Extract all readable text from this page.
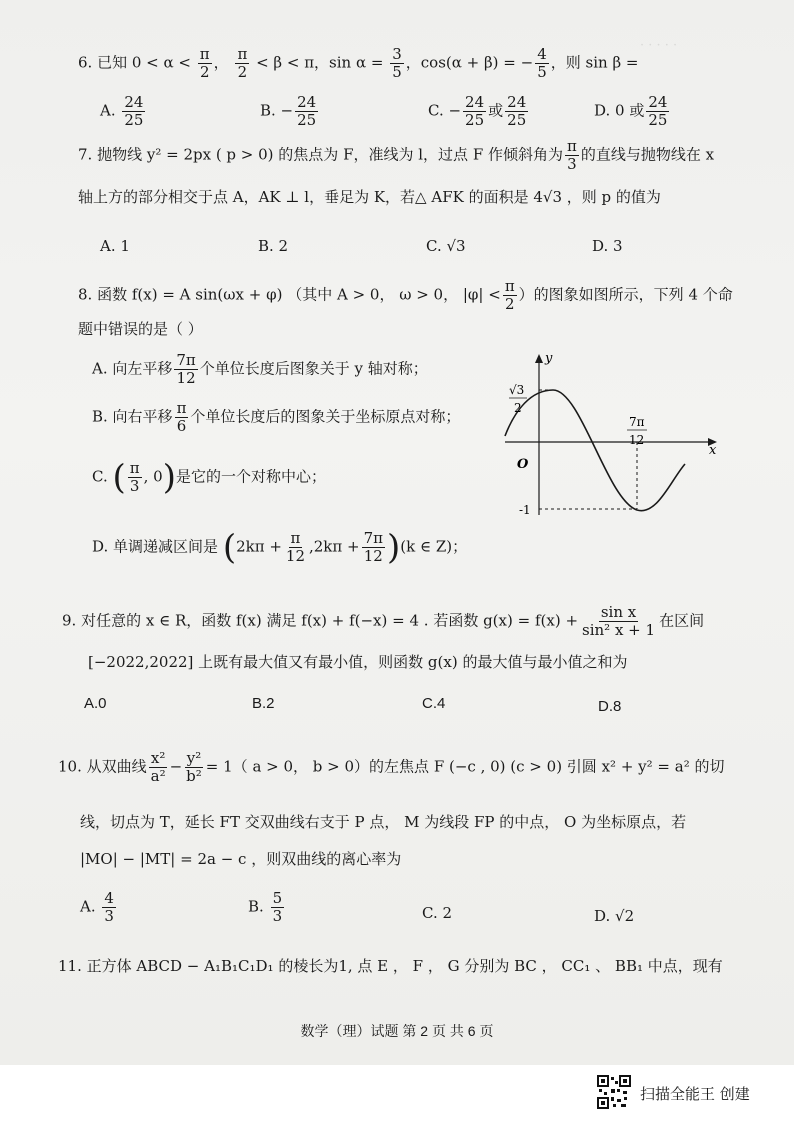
· · · · ·
6. 已知 $0 < \alpha < \frac{\pi}{2}$ ， $\frac{\pi}{2} < \beta < \pi$，$\sin \alpha = \frac{3}{5}$ ，cos(α + β) = − $\frac{4}{5}$ ，则 sin β =
A. $\frac{24}{25}$	B. − $\frac{24}{25}$	C. − $\frac{24}{25}$ 或 $\frac{24}{25}$	D. 0 或 $\frac{24}{25}$
7. 抛物线 y² = 2px ( p > 0) 的焦点为 F，准线为 l，过点 F 作倾斜角为 $\frac{\pi}{3}$ 的直线与抛物线在 x
轴上方的部分相交于点 A，AK ⊥ l，垂足为 K，若△ AFK 的面积是 4√3 ，则 p 的值为
A. 1	B. 2	C. √3	D. 3
8. 函数 f(x) = A sin(ωx + φ) （其中 A > 0， ω > 0， $|\varphi| < \frac{\pi}{2}$ ）的图象如图所示，下列 4 个命
题中错误的是（ ）
A. 向左平移 $\frac{7\pi}{12}$ 个单位长度后图象关于 y 轴对称；
B. 向右平移 $\frac{\pi}{6}$ 个单位长度后的图象关于坐标原点对称；
C. ( $\frac{\pi}{3}$ , 0)是它的一个对称中心；
D. 单调递减区间是 $(2k\pi + \frac{\pi}{12} ,2k\pi + \frac{7\pi}{12} )(k$ ∈ Z)；
y
x
O
√3
2
-1
7π
12
9. 对任意的 x ∈ R，函数 f(x) 满足 f(x) + f(−x) = 4 . 若函数 $g(x) = f(x) + \frac{\text{sin x}}{\text{sin² x + 1}}$ 在区间
[−2022,2022] 上既有最大值又有最小值，则函数 g(x) 的最大值与最小值之和为
A.0	B.2	C.4	D.8
10. 从双曲线 $\frac{\text{x²}}{\text{a²}} - \frac{\text{y²}}{\text{b²}} = 1$（ a > 0， b > 0）的左焦点 F (−c , 0) (c > 0) 引圆 x² + y² = a² 的切
线，切点为 T，延长 FT 交双曲线右支于 P 点， M 为线段 FP 的中点， O 为坐标原点，若
|MO| − |MT| = 2a − c ，则双曲线的离心率为
A. $\frac{4}{3}$	B. $\frac{5}{3}$	C. 2	D. √2
11. 正方体 ABCD − A₁B₁C₁D₁ 的棱长为1, 点 E ， F ， G 分别为 BC ， CC₁ 、 BB₁ 中点，现有
数学（理）试题 第 2 页 共 6 页
扫描全能王 创建
